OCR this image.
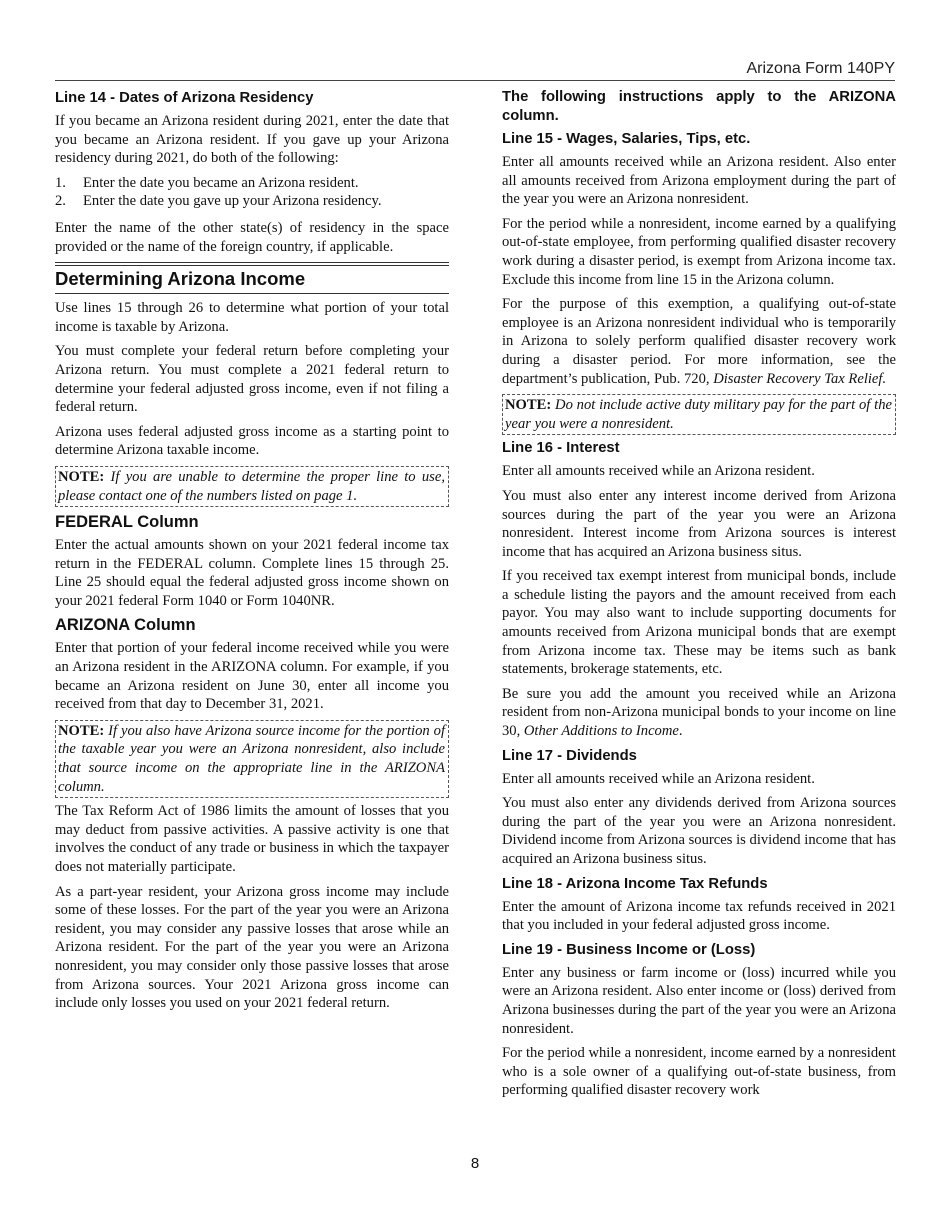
Arizona Form 140PY
Line 14 - Dates of Arizona Residency

If you became an Arizona resident during 2021, enter the date that you became an Arizona resident. If you gave up your Arizona residency during 2021, do both of the following:

1.	Enter the date you became an Arizona resident.
2.	Enter the date you gave up your Arizona residency.

Enter the name of the other state(s) of residency in the space provided or the name of the foreign country, if applicable.

Determining Arizona Income

Use lines 15 through 26 to determine what portion of your total income is taxable by Arizona.

You must complete your federal return before completing your Arizona return. You must complete a 2021 federal return to determine your federal adjusted gross income, even if not filing a federal return.

Arizona uses federal adjusted gross income as a starting point to determine Arizona taxable income.

NOTE: If you are unable to determine the proper line to use, please contact one of the numbers listed on page 1.
FEDERAL Column

Enter the actual amounts shown on your 2021 federal income tax return in the FEDERAL column. Complete lines 15 through 25. Line 25 should equal the federal adjusted gross income shown on your 2021 federal Form 1040 or Form 1040NR.

ARIZONA Column

Enter that portion of your federal income received while you were an Arizona resident in the ARIZONA column. For example, if you became an Arizona resident on June 30, enter all income you received from that day to December 31, 2021.

NOTE: If you also have Arizona source income for the portion of the taxable year you were an Arizona nonresident, also include that source income on the appropriate line in the ARIZONA column.

The Tax Reform Act of 1986 limits the amount of losses that you may deduct from passive activities. A passive activity is one that involves the conduct of any trade or business in which the taxpayer does not materially participate.

As a part-year resident, your Arizona gross income may include some of these losses. For the part of the year you were an Arizona resident, you may consider any passive losses that arose while an Arizona resident. For the part of the year you were an Arizona nonresident, you may consider only those passive losses that arose from Arizona sources. Your 2021 Arizona gross income can include only losses you used on your 2021 federal return.

The following instructions apply to the ARIZONA column.
Line 15 - Wages, Salaries, Tips, etc.

Enter all amounts received while an Arizona resident. Also enter all amounts received from Arizona employment during the part of the year you were an Arizona nonresident.

For the period while a nonresident, income earned by a qualifying out-of-state employee, from performing qualified disaster recovery work during a disaster period, is exempt from Arizona income tax. Exclude this income from line 15 in the Arizona column.

For the purpose of this exemption, a qualifying out-of-state employee is an Arizona nonresident individual who is temporarily in Arizona to solely perform qualified disaster recovery work during a disaster period. For more information, see the department’s publication, Pub. 720, Disaster Recovery Tax Relief.

NOTE: Do not include active duty military pay for the part of the year you were a nonresident.
Line 16 - Interest

Enter all amounts received while an Arizona resident.

You must also enter any interest income derived from Arizona sources during the part of the year you were an Arizona nonresident. Interest income from Arizona sources is interest income that has acquired an Arizona business situs.

If you received tax exempt interest from municipal bonds, include a schedule listing the payors and the amount received from each payor. You may also want to include supporting documents for amounts received from Arizona municipal bonds that are exempt from Arizona income tax. These may be items such as bank statements, brokerage statements, etc.

Be sure you add the amount you received while an Arizona resident from non-Arizona municipal bonds to your income on line 30, Other Additions to Income.

Line 17 - Dividends

Enter all amounts received while an Arizona resident.

You must also enter any dividends derived from Arizona sources during the part of the year you were an Arizona nonresident. Dividend income from Arizona sources is dividend income that has acquired an Arizona business situs.

Line 18 - Arizona Income Tax Refunds

Enter the amount of Arizona income tax refunds received in 2021 that you included in your federal adjusted gross income.

Line 19 - Business Income or (Loss)

Enter any business or farm income or (loss) incurred while you were an Arizona resident. Also enter income or (loss) derived from Arizona businesses during the part of the year you were an Arizona nonresident.

For the period while a nonresident, income earned by a nonresident who is a sole owner of a qualifying out-of-state business, from performing qualified disaster recovery work

8
